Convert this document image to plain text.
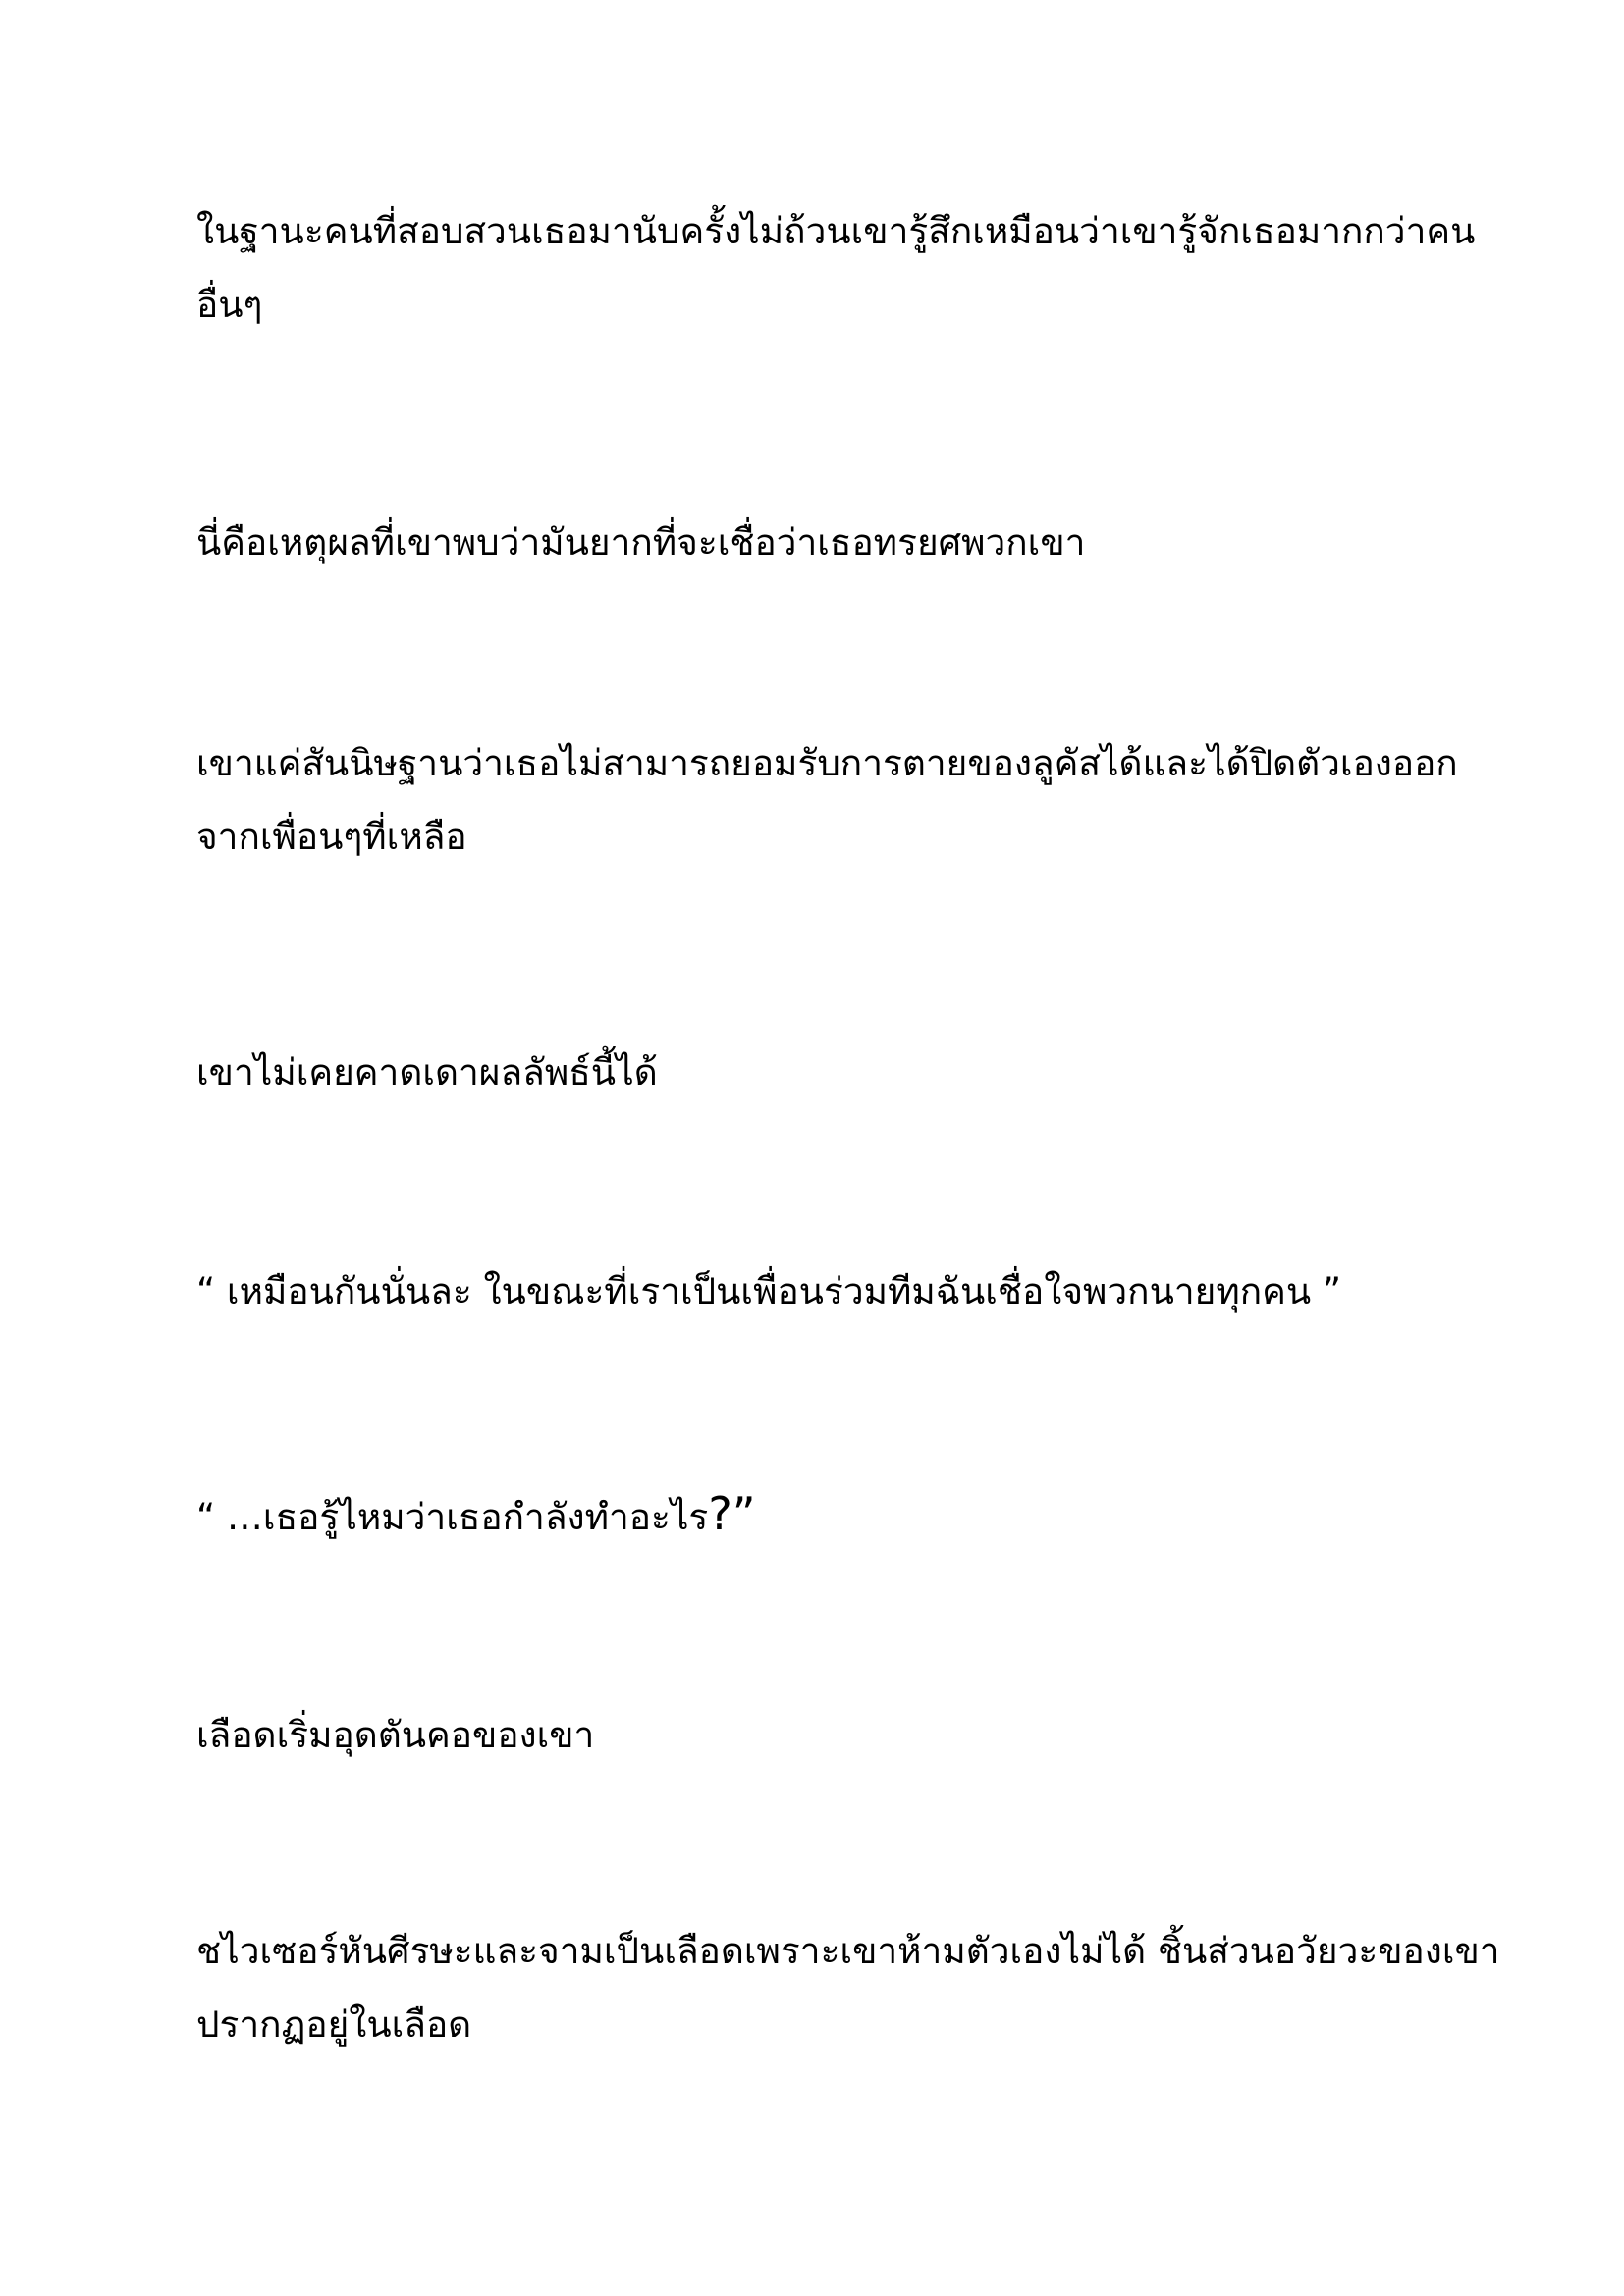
ในฐานะคนที่สอบสวนเธอมานับครั้งไม่ถ้วนเขารู้สึกเหมือนว่าเขารู้จักเธอมากกว่าคน
อื่นๆ

นี่คือเหตุผลที่เขาพบว่ามันยากที่จะเชื่อว่าเธอทรยศพวกเขา

เขาแค่สันนิษฐานว่าเธอไม่สามารถยอมรับการตายของลูคัสได้และได้ปิดตัวเองออก
จากเพื่อนๆที่เหลือ

เขาไม่เคยคาดเดาผลลัพธ์นี้ได้

“ เหมือนกันนั่นละ ในขณะที่เราเป็นเพื่อนร่วมทีมฉันเชื่อใจพวกนายทุกคน ”

“ …เธอรู้ไหมว่าเธอกำลังทำอะไร?”

เลือดเริ่มอุดตันคอของเขา

ชไวเซอร์หันศีรษะและจามเป็นเลือดเพราะเขาห้ามตัวเองไม่ได้ ชิ้นส่วนอวัยวะของเขา
ปรากฏอยู่ในเลือด
